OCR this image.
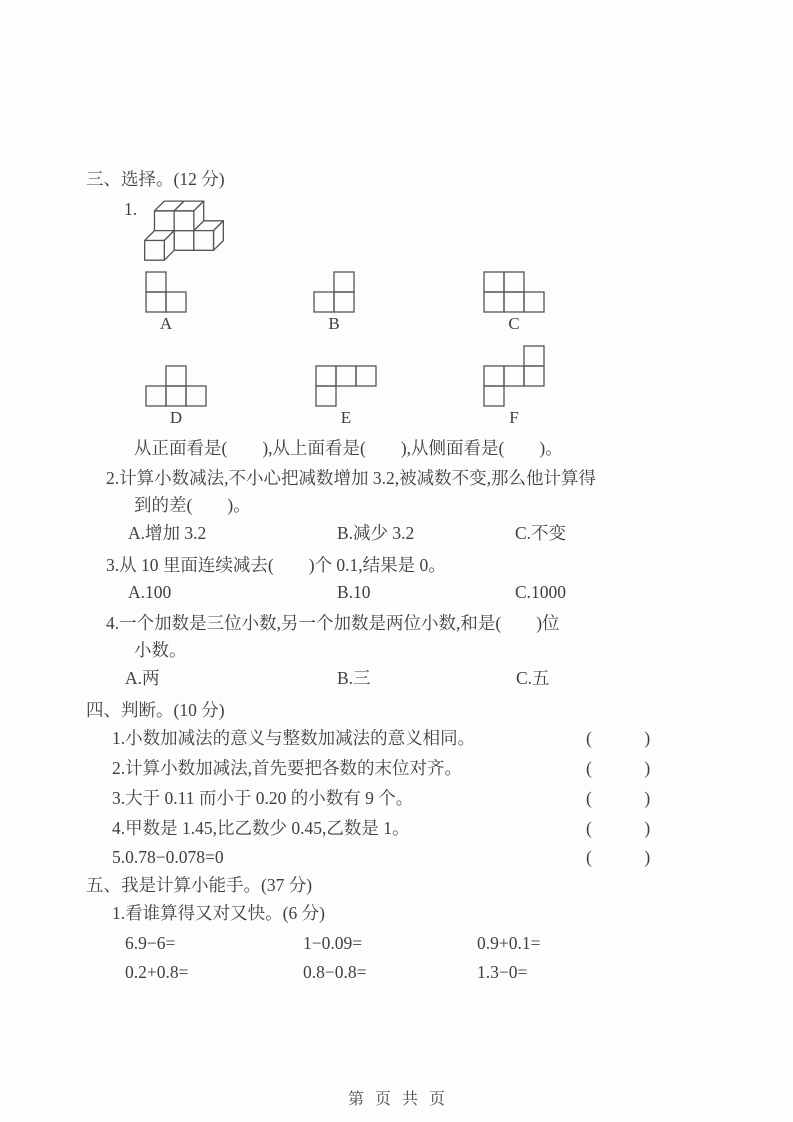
三、选择。(12 分)
1.
A	B	C
D	E	F
从正面看是(　　),从上面看是(　　),从侧面看是(　　)。
2.计算小数减法,不小心把减数增加 3.2,被减数不变,那么他计算得
到的差(　　)。
A.增加 3.2	B.减少 3.2	C.不变
3.从 10 里面连续减去(　　)个 0.1,结果是 0。
A.100	B.10	C.1000
4.一个加数是三位小数,另一个加数是两位小数,和是(　　)位
小数。
A.两	B.三	C.五
四、判断。(10 分)
1.小数加减法的意义与整数加减法的意义相同。	(　　　)
2.计算小数加减法,首先要把各数的末位对齐。	(　　　)
3.大于 0.11 而小于 0.20 的小数有 9 个。	(　　　)
4.甲数是 1.45,比乙数少 0.45,乙数是 1。	(　　　)
5.0.78−0.078=0	(　　　)
五、我是计算小能手。(37 分)
1.看谁算得又对又快。(6 分)
6.9−6=	1−0.09=	0.9+0.1=
0.2+0.8=	0.8−0.8=	1.3−0=
第 页 共 页
